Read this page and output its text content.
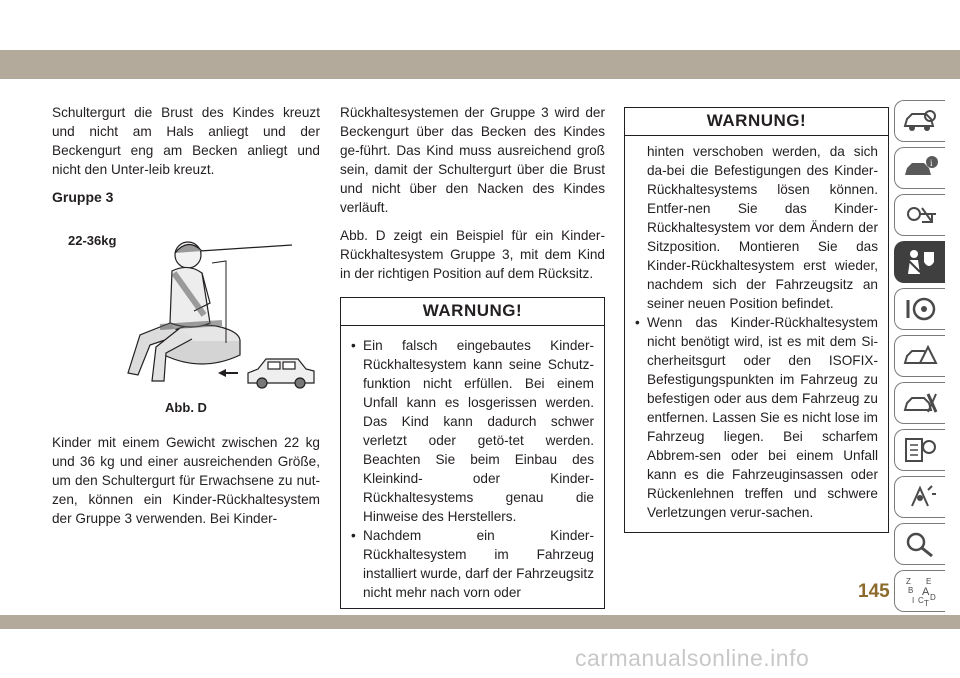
Schultergurt die Brust des Kindes kreuzt und nicht am Hals anliegt und der Beckengurt eng am Becken anliegt und nicht den Unter-leib kreuzt.

Gruppe 3
22-36kg
Abb. D

Kinder mit einem Gewicht zwischen 22 kg und 36 kg und einer ausreichenden Größe, um den Schultergurt für Erwachsene zu nut-zen, können ein Kinder-Rückhaltesystem der Gruppe 3 verwenden. Bei Kinder-

Rückhaltesystemen der Gruppe 3 wird der Beckengurt über das Becken des Kindes ge-führt. Das Kind muss ausreichend groß sein, damit der Schultergurt über die Brust und nicht über den Nacken des Kindes verläuft.

Abb. D zeigt ein Beispiel für ein Kinder-Rückhaltesystem Gruppe 3, mit dem Kind in der richtigen Position auf dem Rücksitz.

WARNUNG!
• Ein falsch eingebautes Kinder-Rückhaltesystem kann seine Schutz-funktion nicht erfüllen. Bei einem Unfall kann es losgerissen werden. Das Kind kann dadurch schwer verletzt oder getö-tet werden. Beachten Sie beim Einbau des Kleinkind- oder Kinder-Rückhaltesystems genau die Hinweise des Herstellers.
• Nachdem ein Kinder-Rückhaltesystem im Fahrzeug installiert wurde, darf der Fahrzeugsitz nicht mehr nach vorn oder
WARNUNG!

hinten verschoben werden, da sich da-bei die Befestigungen des Kinder-Rückhaltesystems lösen können. Entfer-nen Sie das Kinder-Rückhaltesystem vor dem Ändern der Sitzposition. Montieren Sie das Kinder-Rückhaltesystem erst wieder, nachdem sich der Fahrzeugsitz an seiner neuen Position befindet.

• Wenn das Kinder-Rückhaltesystem nicht benötigt wird, ist es mit dem Si-cherheitsgurt oder den ISOFIX-Befestigungspunkten im Fahrzeug zu befestigen oder aus dem Fahrzeug zu entfernen. Lassen Sie es nicht lose im Fahrzeug liegen. Bei scharfem Abbrem-sen oder bei einem Unfall kann es die Fahrzeuginsassen oder Rückenlehnen treffen und schwere Verletzungen verur-sachen.
i
Z E
B A
I C D
T
145
carmanualsonline.info
